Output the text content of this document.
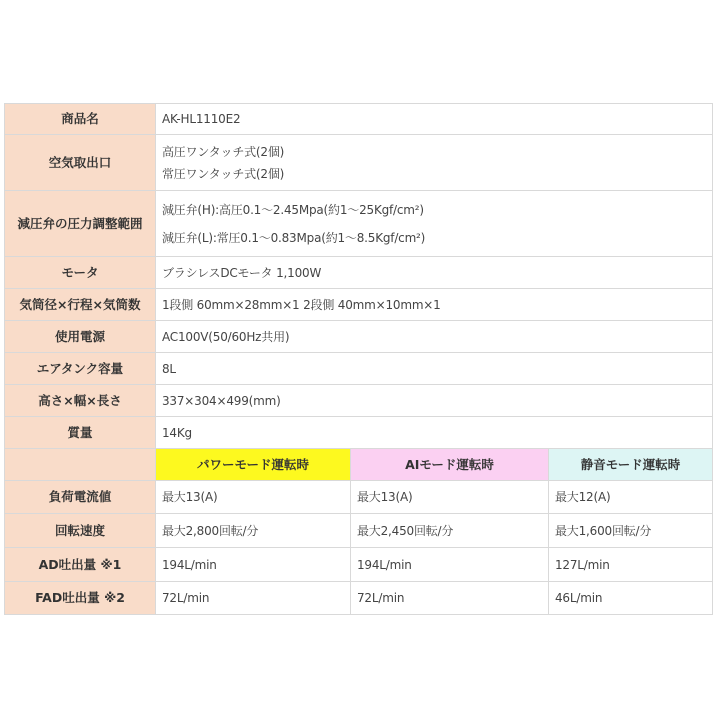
商品名	AK-HL1110E2		

空気取出口	高圧ワンタッチ式(2個)
常圧ワンタッチ式(2個)		

減圧弁の圧力調整範囲	減圧弁(H):高圧0.1～2.45Mpa(約1～25Kgf/cm²)
減圧弁(L):常圧0.1～0.83Mpa(約1～8.5Kgf/cm²)		

モータ	ブラシレスDCモータ 1,100W		

気筒径×行程×気筒数	1段側 60mm×28mm×1 2段側 40mm×10mm×1		

使用電源	AC100V(50/60Hz共用)		

エアタンク容量	8L		

高さ×幅×長さ	337×304×499(mm)		

質量	14Kg		

	パワーモード運転時	AIモード運転時	静音モード運転時
負荷電流値	最大13(A)	最大13(A)	最大12(A)
回転速度	最大2,800回転/分	最大2,450回転/分	最大1,600回転/分
AD吐出量 ※1	194L/min	194L/min	127L/min
FAD吐出量 ※2	72L/min	72L/min	46L/min
